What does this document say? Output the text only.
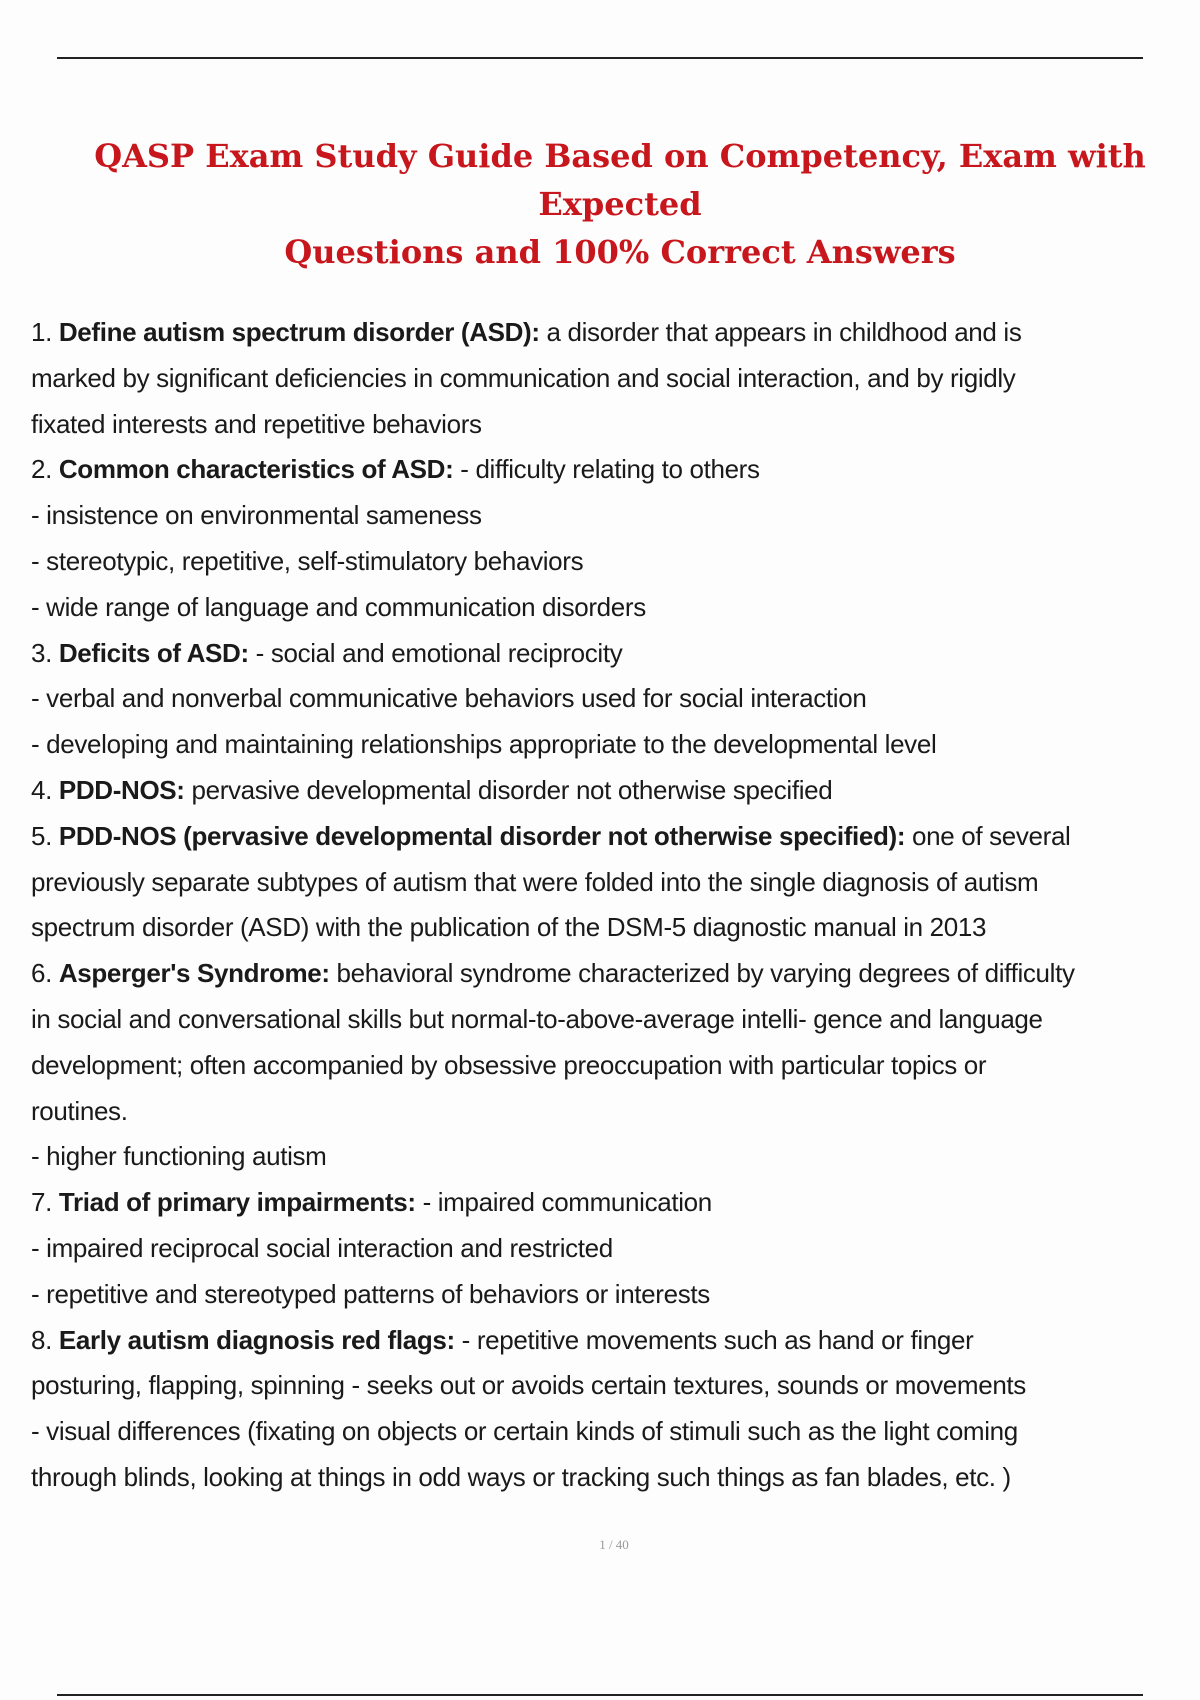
QASP Exam Study Guide Based on Competency, Exam with Expected
Questions and 100% Correct Answers
1. Define autism spectrum disorder (ASD): a disorder that appears in childhood and is
marked by significant deficiencies in communication and social interaction, and by rigidly
fixated interests and repetitive behaviors
2. Common characteristics of ASD: - difficulty relating to others
- insistence on environmental sameness
- stereotypic, repetitive, self-stimulatory behaviors
- wide range of language and communication disorders
3. Deficits of ASD: - social and emotional reciprocity
- verbal and nonverbal communicative behaviors used for social interaction
- developing and maintaining relationships appropriate to the developmental level
4. PDD-NOS: pervasive developmental disorder not otherwise specified
5. PDD-NOS (pervasive developmental disorder not otherwise specified): one of several
previously separate subtypes of autism that were folded into the single diagnosis of autism
spectrum disorder (ASD) with the publication of the DSM-5 diagnostic manual in 2013
6. Asperger's Syndrome: behavioral syndrome characterized by varying degrees of difficulty
in social and conversational skills but normal-to-above-average intelli- gence and language
development; often accompanied by obsessive preoccupation with particular topics or
routines.
- higher functioning autism
7. Triad of primary impairments: - impaired communication
- impaired reciprocal social interaction and restricted
- repetitive and stereotyped patterns of behaviors or interests
8. Early autism diagnosis red flags: - repetitive movements such as hand or finger
posturing, flapping, spinning - seeks out or avoids certain textures, sounds or movements
- visual differences (fixating on objects or certain kinds of stimuli such as the light coming
through blinds, looking at things in odd ways or tracking such things as fan blades, etc. )
1 / 40
